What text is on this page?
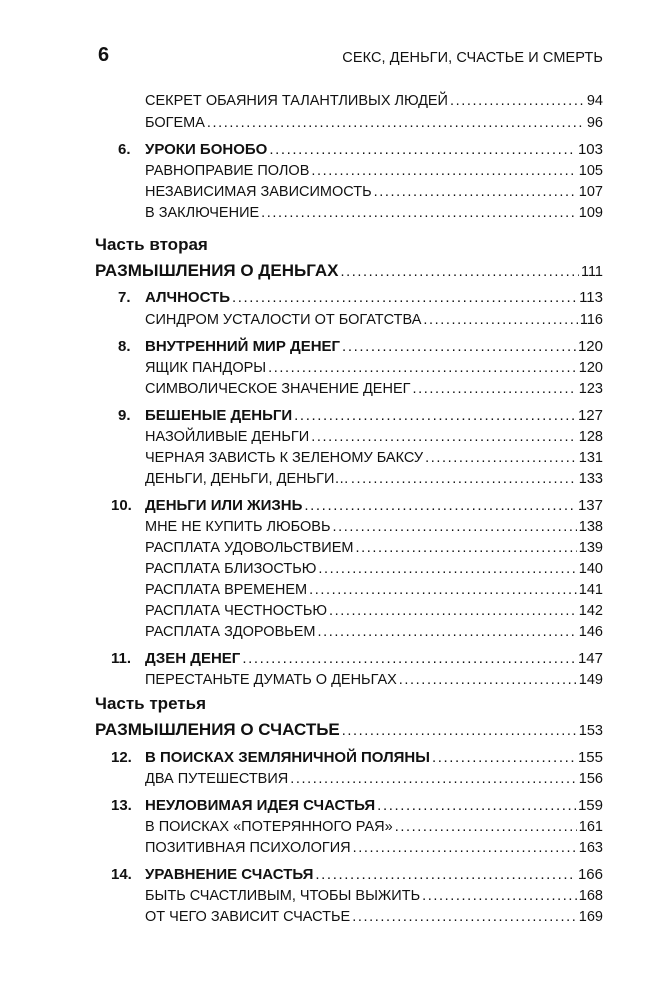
6	СЕКС, ДЕНЬГИ, СЧАСТЬЕ И СМЕРТЬ
СЕКРЕТ ОБАЯНИЯ ТАЛАНТЛИВЫХ ЛЮДЕЙ .....	94
БОГЕМА .....	96
6. УРОКИ БОНОБО .....	103
РАВНОПРАВИЕ ПОЛОВ .....	105
НЕЗАВИСИМАЯ ЗАВИСИМОСТЬ .....	107
В ЗАКЛЮЧЕНИЕ .....	109
Часть вторая
РАЗМЫШЛЕНИЯ О ДЕНЬГАХ .....	111
7. АЛЧНОСТЬ .....	113
СИНДРОМ УСТАЛОСТИ ОТ БОГАТСТВА .....	116
8. ВНУТРЕННИЙ МИР ДЕНЕГ .....	120
ЯЩИК ПАНДОРЫ .....	120
СИМВОЛИЧЕСКОЕ ЗНАЧЕНИЕ ДЕНЕГ .....	123
9. БЕШЕНЫЕ ДЕНЬГИ .....	127
НАЗОЙЛИВЫЕ ДЕНЬГИ .....	128
ЧЕРНАЯ ЗАВИСТЬ К ЗЕЛЕНОМУ БАКСУ .....	131
ДЕНЬГИ, ДЕНЬГИ, ДЕНЬГИ… .....	133
10. ДЕНЬГИ ИЛИ ЖИЗНЬ .....	137
МНЕ НЕ КУПИТЬ ЛЮБОВЬ .....	138
РАСПЛАТА УДОВОЛЬСТВИЕМ .....	139
РАСПЛАТА БЛИЗОСТЬЮ .....	140
РАСПЛАТА ВРЕМЕНЕМ .....	141
РАСПЛАТА ЧЕСТНОСТЬЮ .....	142
РАСПЛАТА ЗДОРОВЬЕМ .....	146
11. ДЗЕН ДЕНЕГ .....	147
ПЕРЕСТАНЬТЕ ДУМАТЬ О ДЕНЬГАХ .....	149
Часть третья
РАЗМЫШЛЕНИЯ О СЧАСТЬЕ .....	153
12. В ПОИСКАХ ЗЕМЛЯНИЧНОЙ ПОЛЯНЫ .....	155
ДВА ПУТЕШЕСТВИЯ .....	156
13. НЕУЛОВИМАЯ ИДЕЯ СЧАСТЬЯ .....	159
В ПОИСКАХ «ПОТЕРЯННОГО РАЯ» .....	161
ПОЗИТИВНАЯ ПСИХОЛОГИЯ .....	163
14. УРАВНЕНИЕ СЧАСТЬЯ .....	166
БЫТЬ СЧАСТЛИВЫМ, ЧТОБЫ ВЫЖИТЬ .....	168
ОТ ЧЕГО ЗАВИСИТ СЧАСТЬЕ .....	169
